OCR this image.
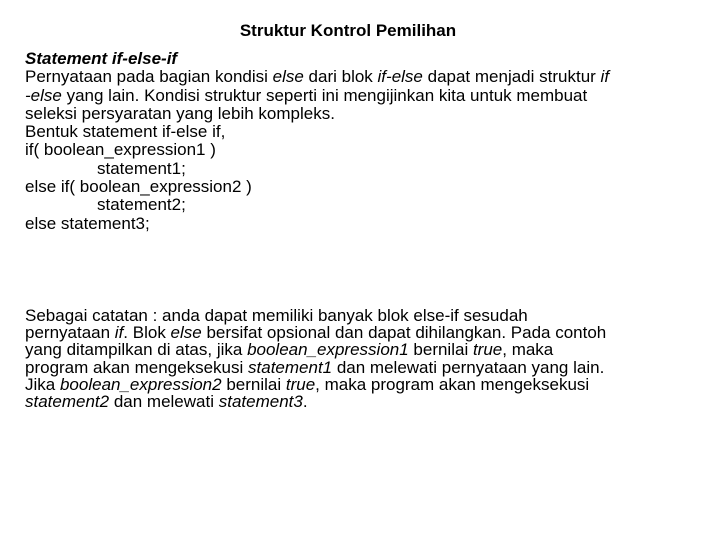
Struktur Kontrol Pemilihan
Statement if-else-if
Pernyataan pada bagian kondisi else dari blok if-else dapat menjadi struktur if
-else yang lain. Kondisi struktur seperti ini mengijinkan kita untuk membuat
seleksi persyaratan yang lebih kompleks.
Bentuk statement if-else if,
if( boolean_expression1 )
statement1;
else if( boolean_expression2 )
statement2;
else statement3;
Sebagai catatan : anda dapat memiliki banyak blok else-if sesudah
pernyataan if. Blok else bersifat opsional dan dapat dihilangkan. Pada contoh
yang ditampilkan di atas, jika boolean_expression1 bernilai true, maka
program akan mengeksekusi statement1 dan melewati pernyataan yang lain.
Jika boolean_expression2 bernilai true, maka program akan mengeksekusi
statement2 dan melewati statement3.
